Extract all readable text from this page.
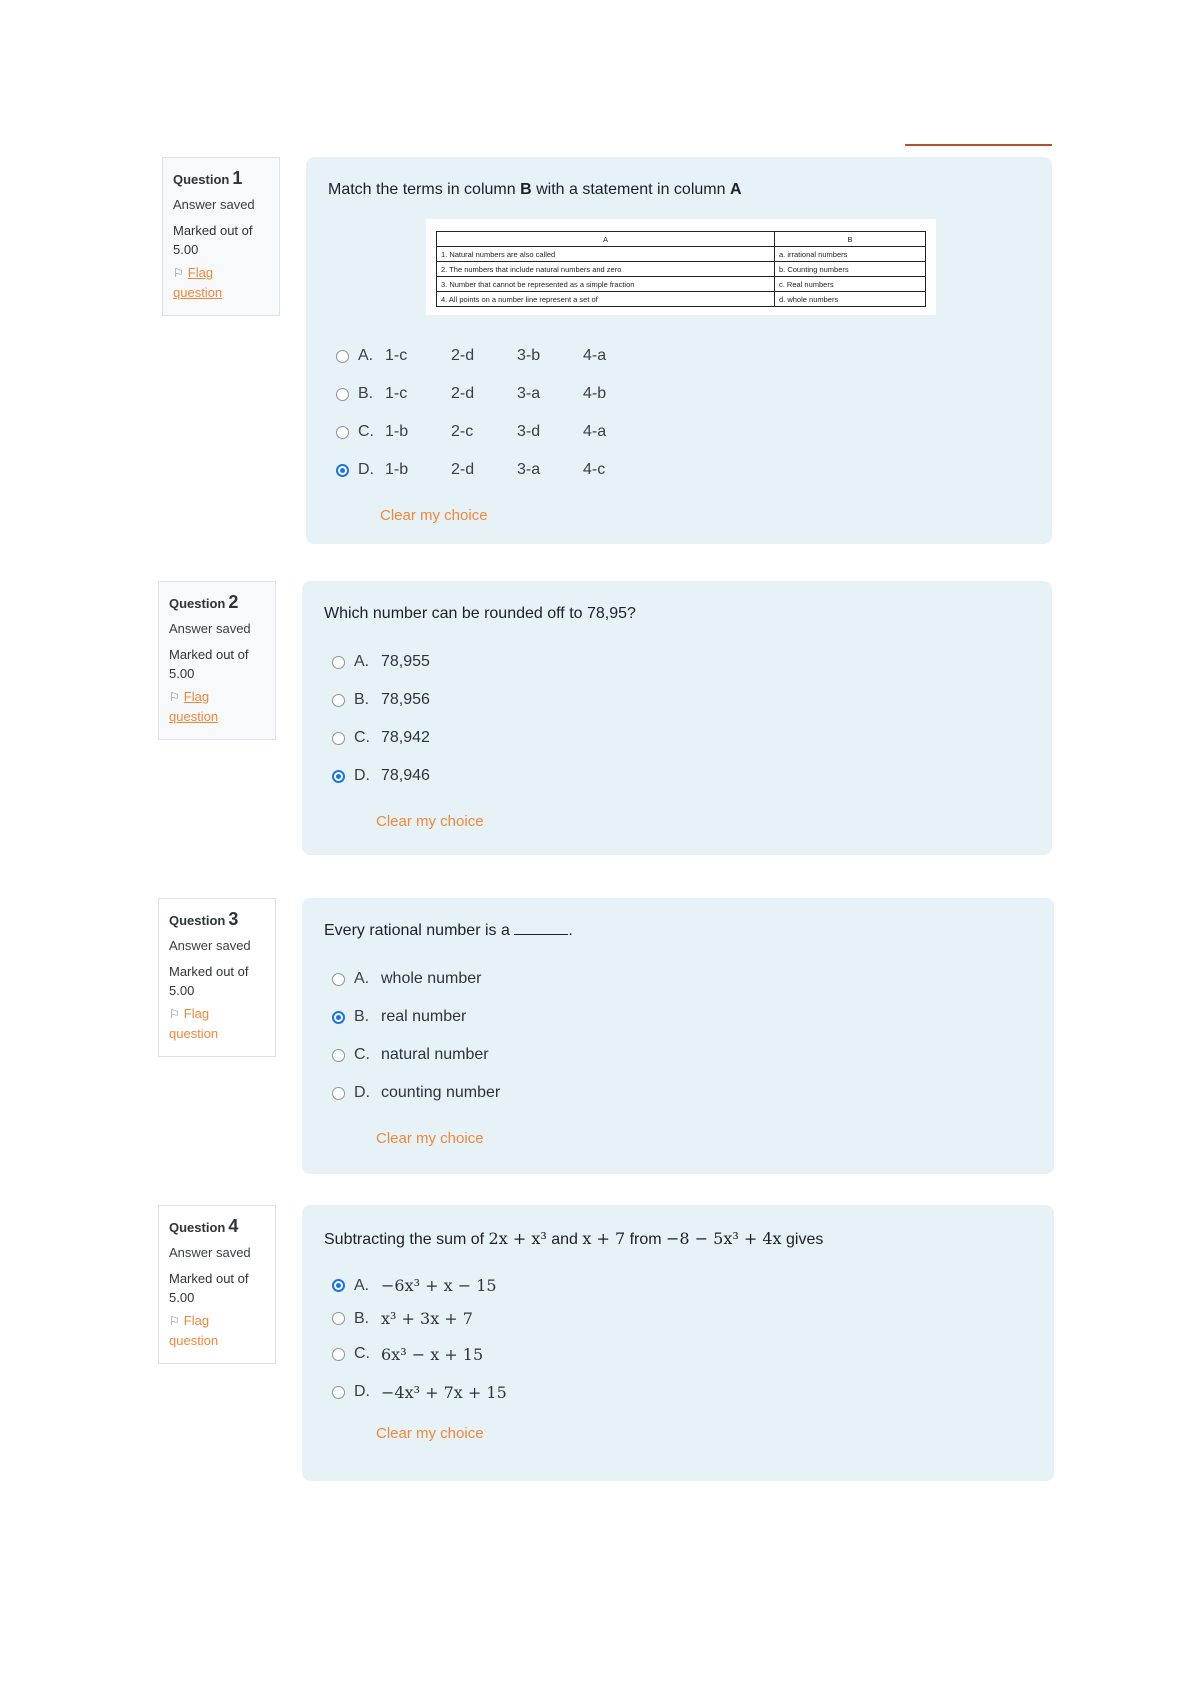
Question 1
Answer saved
Marked out of
5.00
⚐ Flag
question
Match the terms in column B with a statement in column A
A	B
1. Natural numbers are also called	a. irrational numbers
2. The numbers that include natural numbers and zero	b. Counting numbers
3. Number that cannot be represented as a simple fraction	c. Real numbers
4. All points on a number line represent a set of	d. whole numbers
A. 1-c	2-d	3-b	4-a
B. 1-c	2-d	3-a	4-b
C. 1-b	2-c	3-d	4-a
D. 1-b	2-d	3-a	4-c
Clear my choice
Question 2
Answer saved
Marked out of
5.00
⚐ Flag
question
Which number can be rounded off to 78,95?
A. 78,955
B. 78,956
C. 78,942
D. 78,946
Clear my choice
Question 3
Answer saved
Marked out of
5.00
⚐ Flag
question
Every rational number is a	.
A. whole number
B. real number
C. natural number
D. counting number
Clear my choice
Question 4
Answer saved
Marked out of
5.00
⚐ Flag
question
Subtracting the sum of 2x + x³ and x + 7 from −8 − 5x³ + 4x gives
A. −6x³ + x − 15
B. x³ + 3x + 7
C. 6x³ − x + 15
D. −4x³ + 7x + 15
Clear my choice
